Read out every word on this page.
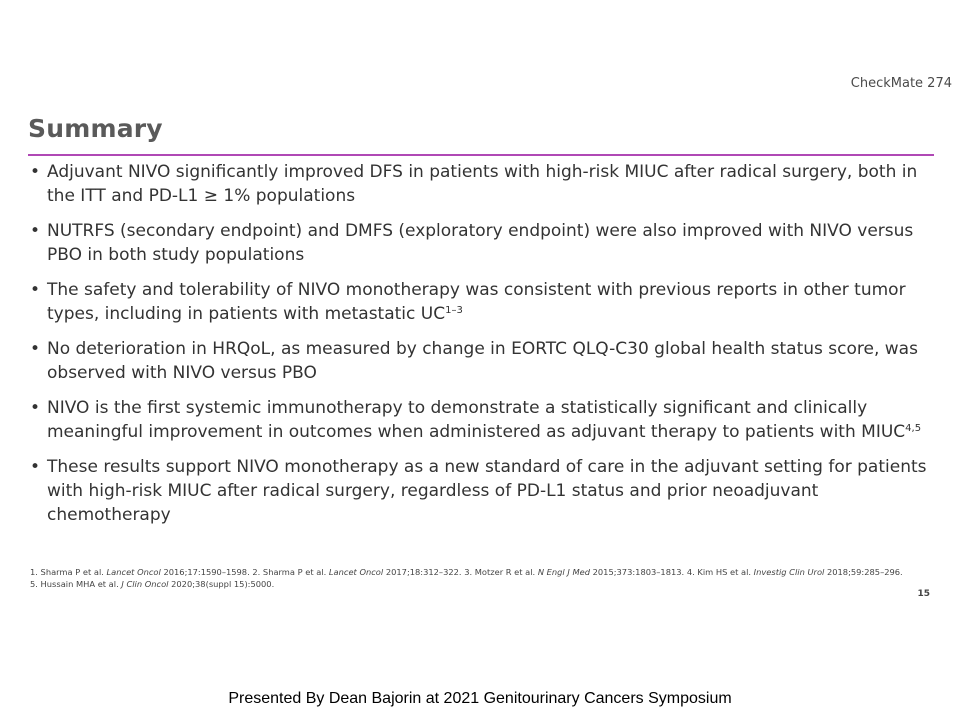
CheckMate 274
Summary
• Adjuvant NIVO significantly improved DFS in patients with high-risk MIUC after radical surgery, both in the ITT and PD-L1 ≥ 1% populations
• NUTRFS (secondary endpoint) and DMFS (exploratory endpoint) were also improved with NIVO versus PBO in both study populations
• The safety and tolerability of NIVO monotherapy was consistent with previous reports in other tumor types, including in patients with metastatic UC$^{1-3}$
• No deterioration in HRQoL, as measured by change in EORTC QLQ-C30 global health status score, was observed with NIVO versus PBO
• NIVO is the first systemic immunotherapy to demonstrate a statistically significant and clinically meaningful improvement in outcomes when administered as adjuvant therapy to patients with MIUC$^{4,5}$
• These results support NIVO monotherapy as a new standard of care in the adjuvant setting for patients with high-risk MIUC after radical surgery, regardless of PD-L1 status and prior neoadjuvant chemotherapy
1. Sharma P et al. Lancet Oncol 2016;17:1590–1598. 2. Sharma P et al. Lancet Oncol 2017;18:312–322. 3. Motzer R et al. N Engl J Med 2015;373:1803–1813. 4. Kim HS et al. Investig Clin Urol 2018;59:285–296. 5. Hussain MHA et al. J Clin Oncol 2020;38(suppl 15):5000.
15
Presented By Dean Bajorin at 2021 Genitourinary Cancers Symposium
